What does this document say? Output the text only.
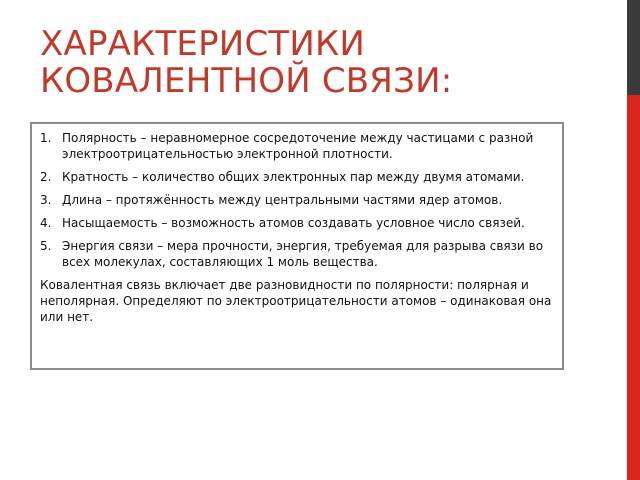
ХАРАКТЕРИСТИКИ
КОВАЛЕНТНОЙ СВЯЗИ:
1. Полярность – неравномерное сосредоточение между частицами с разной электроотрицательностью электронной плотности.
2. Кратность – количество общих электронных пар между двумя атомами.
3. Длина – протяжённость между центральными частями ядер атомов.
4. Насыщаемость – возможность атомов создавать условное число связей.
5. Энергия связи – мера прочности, энергия, требуемая для разрыва связи во всех молекулах, составляющих 1 моль вещества.

Ковалентная связь включает две разновидности по полярности: полярная и неполярная. Определяют по электроотрицательности атомов – одинаковая она или нет.
